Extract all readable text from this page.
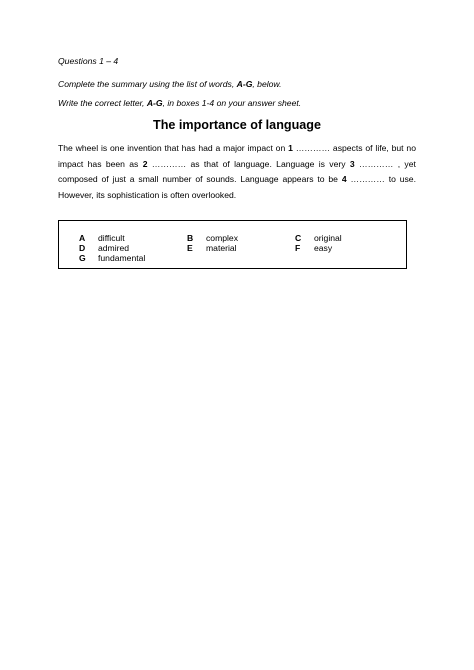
Questions 1 – 4
Complete the summary using the list of words, A-G, below.
Write the correct letter, A-G, in boxes 1-4 on your answer sheet.
The importance of language
The wheel is one invention that has had a major impact on 1 ………… aspects of life, but no
impact has been as 2 ………… as that of language. Language is very 3 ………… , yet
composed of just a small number of sounds. Language appears to be 4 ………… to use.
However, its sophistication is often overlooked.
A difficult	B complex	C original
D admired	E material	F easy
G fundamental
